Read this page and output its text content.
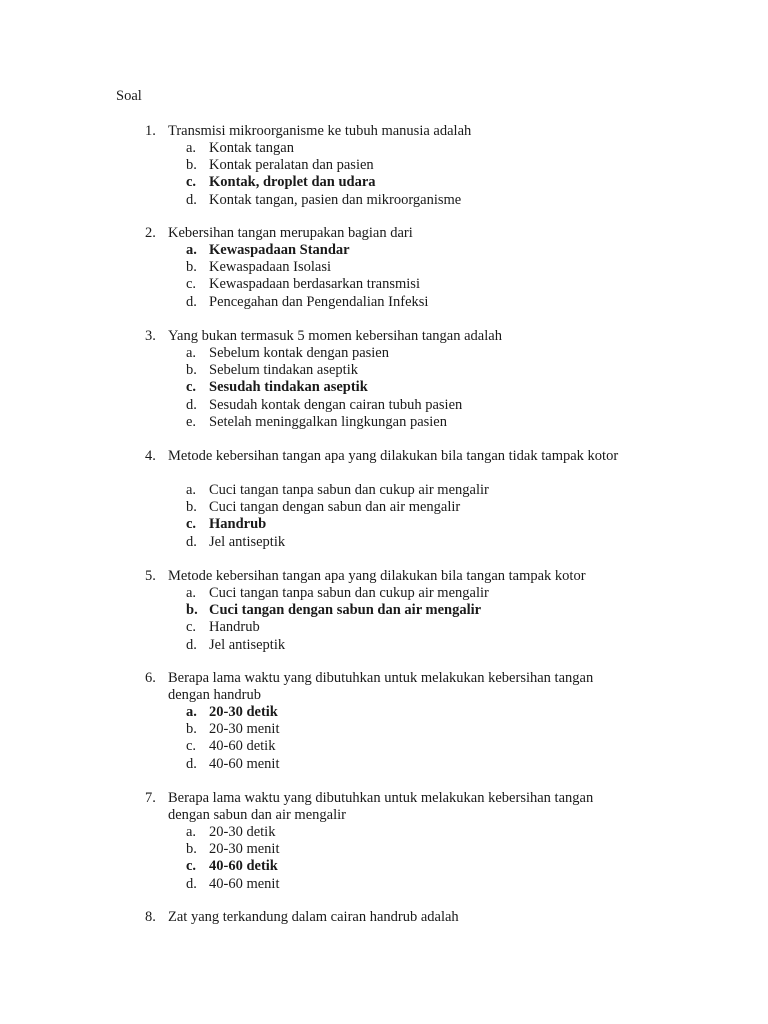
Soal
1. Transmisi mikroorganisme ke tubuh manusia adalah
a. Kontak tangan
b. Kontak peralatan dan pasien
c. Kontak, droplet dan udara
d. Kontak tangan, pasien dan mikroorganisme
2. Kebersihan tangan merupakan bagian dari
a. Kewaspadaan Standar
b. Kewaspadaan Isolasi
c. Kewaspadaan berdasarkan transmisi
d. Pencegahan dan Pengendalian Infeksi
3. Yang bukan termasuk 5 momen kebersihan tangan adalah
a. Sebelum kontak dengan pasien
b. Sebelum tindakan aseptik
c. Sesudah tindakan aseptik
d. Sesudah kontak dengan cairan tubuh pasien
e. Setelah meninggalkan lingkungan pasien
4. Metode kebersihan tangan apa yang dilakukan bila tangan tidak tampak kotor
a. Cuci tangan tanpa sabun dan cukup air mengalir
b. Cuci tangan dengan sabun dan air mengalir
c. Handrub
d. Jel antiseptik
5. Metode kebersihan tangan apa yang dilakukan bila tangan tampak kotor
a. Cuci tangan tanpa sabun dan cukup air mengalir
b. Cuci tangan dengan sabun dan air mengalir
c. Handrub
d. Jel antiseptik
6. Berapa lama waktu yang dibutuhkan untuk melakukan kebersihan tangan dengan handrub
a. 20-30 detik
b. 20-30 menit
c. 40-60 detik
d. 40-60 menit
7. Berapa lama waktu yang dibutuhkan untuk melakukan kebersihan tangan dengan sabun dan air mengalir
a. 20-30 detik
b. 20-30 menit
c. 40-60 detik
d. 40-60 menit
8. Zat yang terkandung dalam cairan handrub adalah
